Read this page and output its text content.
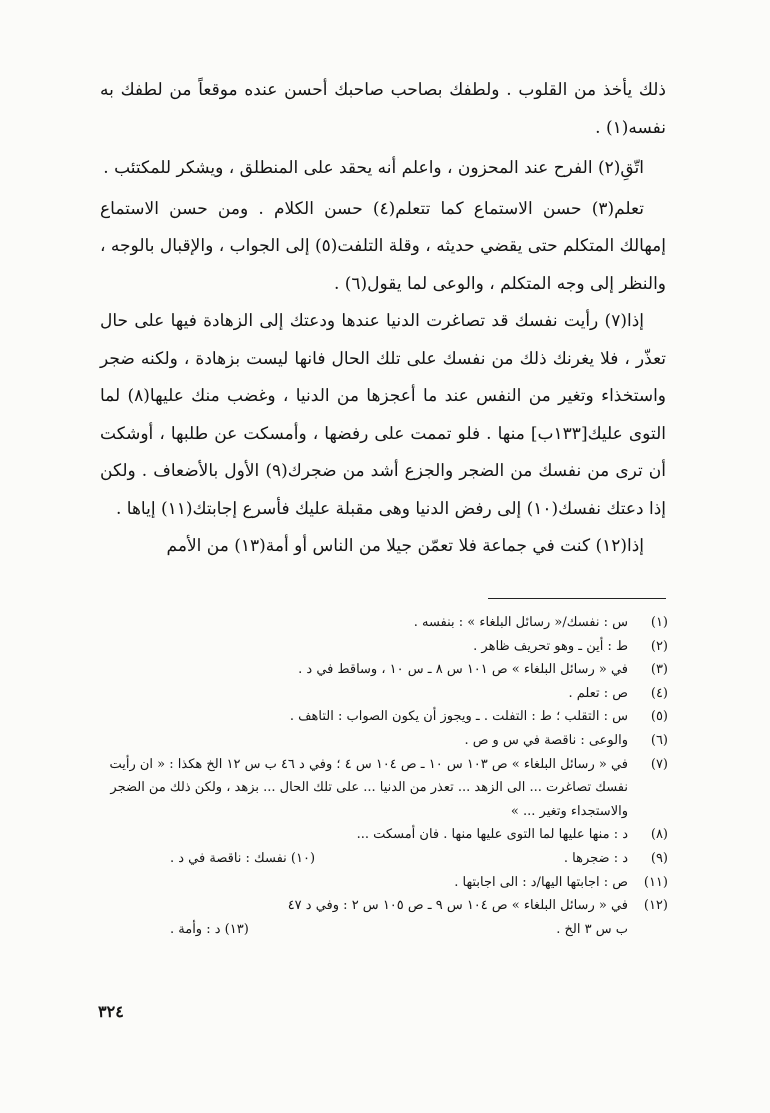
ذلك يأخذ من القلوب . ولطفك بصاحب صاحبك أحسن عنده موقعاً من لطفك به نفسه(١) .

اتّقِ(٢) الفرح عند المحزون ، واعلم أنه يحقد على المنطلق ، ويشكر للمكتئب .

تعلم(٣) حسن الاستماع كما تتعلم(٤) حسن الكلام . ومن حسن الاستماع إمهالك المتكلم حتى يقضي حديثه ، وقلة التلفت(٥) إلى الجواب ، والإقبال بالوجه ، والنظر إلى وجه المتكلم ، والوعى لما يقول(٦) .

إذا(٧) رأيت نفسك قد تصاغرت الدنيا عندها ودعتك إلى الزهادة فيها على حال تعذّر ، فلا يغرنك ذلك من نفسك على تلك الحال فانها ليست بزهادة ، ولكنه ضجر واستخذاء وتغير من النفس عند ما أعجزها من الدنيا ، وغضب منك عليها(٨) لما التوى عليك[١٣٣ب] منها . فلو تممت على رفضها ، وأمسكت عن طلبها ، أوشكت أن ترى من نفسك من الضجر والجزع أشد من ضجرك(٩) الأول بالأضعاف . ولكن إذا دعتك نفسك(١٠) إلى رفض الدنيا وهى مقبلة عليك فأسرع إجابتك(١١) إياها .

إذا(١٢) كنت في جماعة فلا تعمّن جيلا من الناس أو أمة(١٣) من الأمم

(١)
س : نفسك/« رسائل البلغاء » : بنفسه .
(٢)
ط : أين ـ وهو تحريف ظاهر .
(٣)
في « رسائل البلغاء » ص ١٠١ س ٨ ـ س ١٠ ، وساقط في د .
(٤)
ص : تعلم .
(٥)
س : التقلب ؛ ط : التفلت . ـ ويجوز أن يكون الصواب : التاهف .
(٦)
والوعى : ناقصة في س و ص .
(٧)
في « رسائل البلغاء » ص ١٠٣ س ١٠ ـ ص ١٠٤ س ٤ ؛ وفي د ٤٦ ب س ١٢ الخ هكذا : « ان رأيت نفسك تصاغرت ... الى الزهد ... تعذر من الدنيا ... على تلك الحال ... بزهد ، ولكن ذلك من الضجر والاستجداء وتغير ... »
(٨)
د : منها عليها لما التوى عليها منها . فان أمسكت ...
(٩)
د : ضجرها .
(١٠) نفسك : ناقصة في د .
(١١)
ص : اجابتها اليها/د : الى اجابتها .
(١٢)
في « رسائل البلغاء » ص ١٠٤ س ٩ ـ ص ١٠٥ س ٢ : وفي د ٤٧
ب س ٣ الخ .
(١٣) د : وأمة .
٣٢٤
